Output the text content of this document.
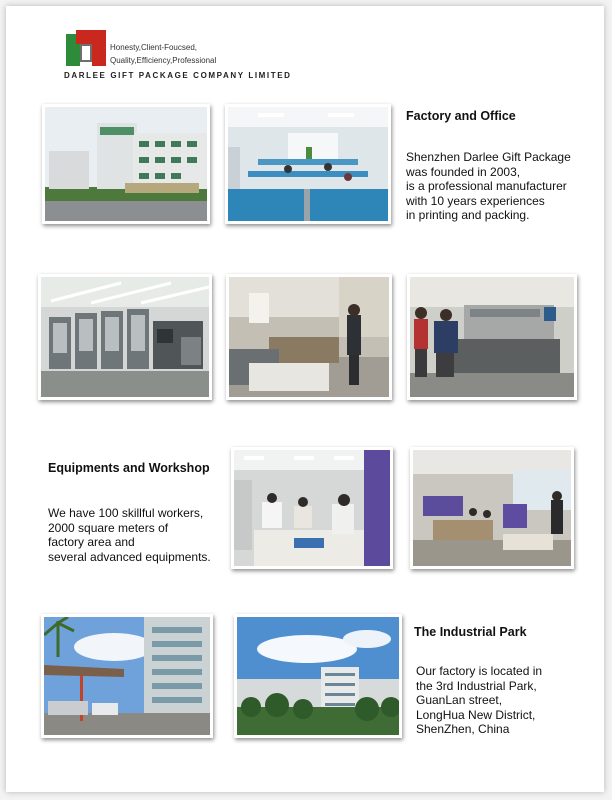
Honesty,Client-Foucsed,
Quality,Efficiency,Professional
DARLEE GIFT PACKAGE COMPANY LIMITED
Factory and Office
Shenzhen Darlee Gift Package
was founded in 2003,
is a professional manufacturer
with 10 years experiences
in printing and packing.
Equipments and Workshop
We have 100 skillful workers,
2000 square meters of
factory area and
several advanced equipments.
The Industrial Park
Our factory is located in
the 3rd Industrial Park,
GuanLan street,
LongHua New District,
ShenZhen, China
